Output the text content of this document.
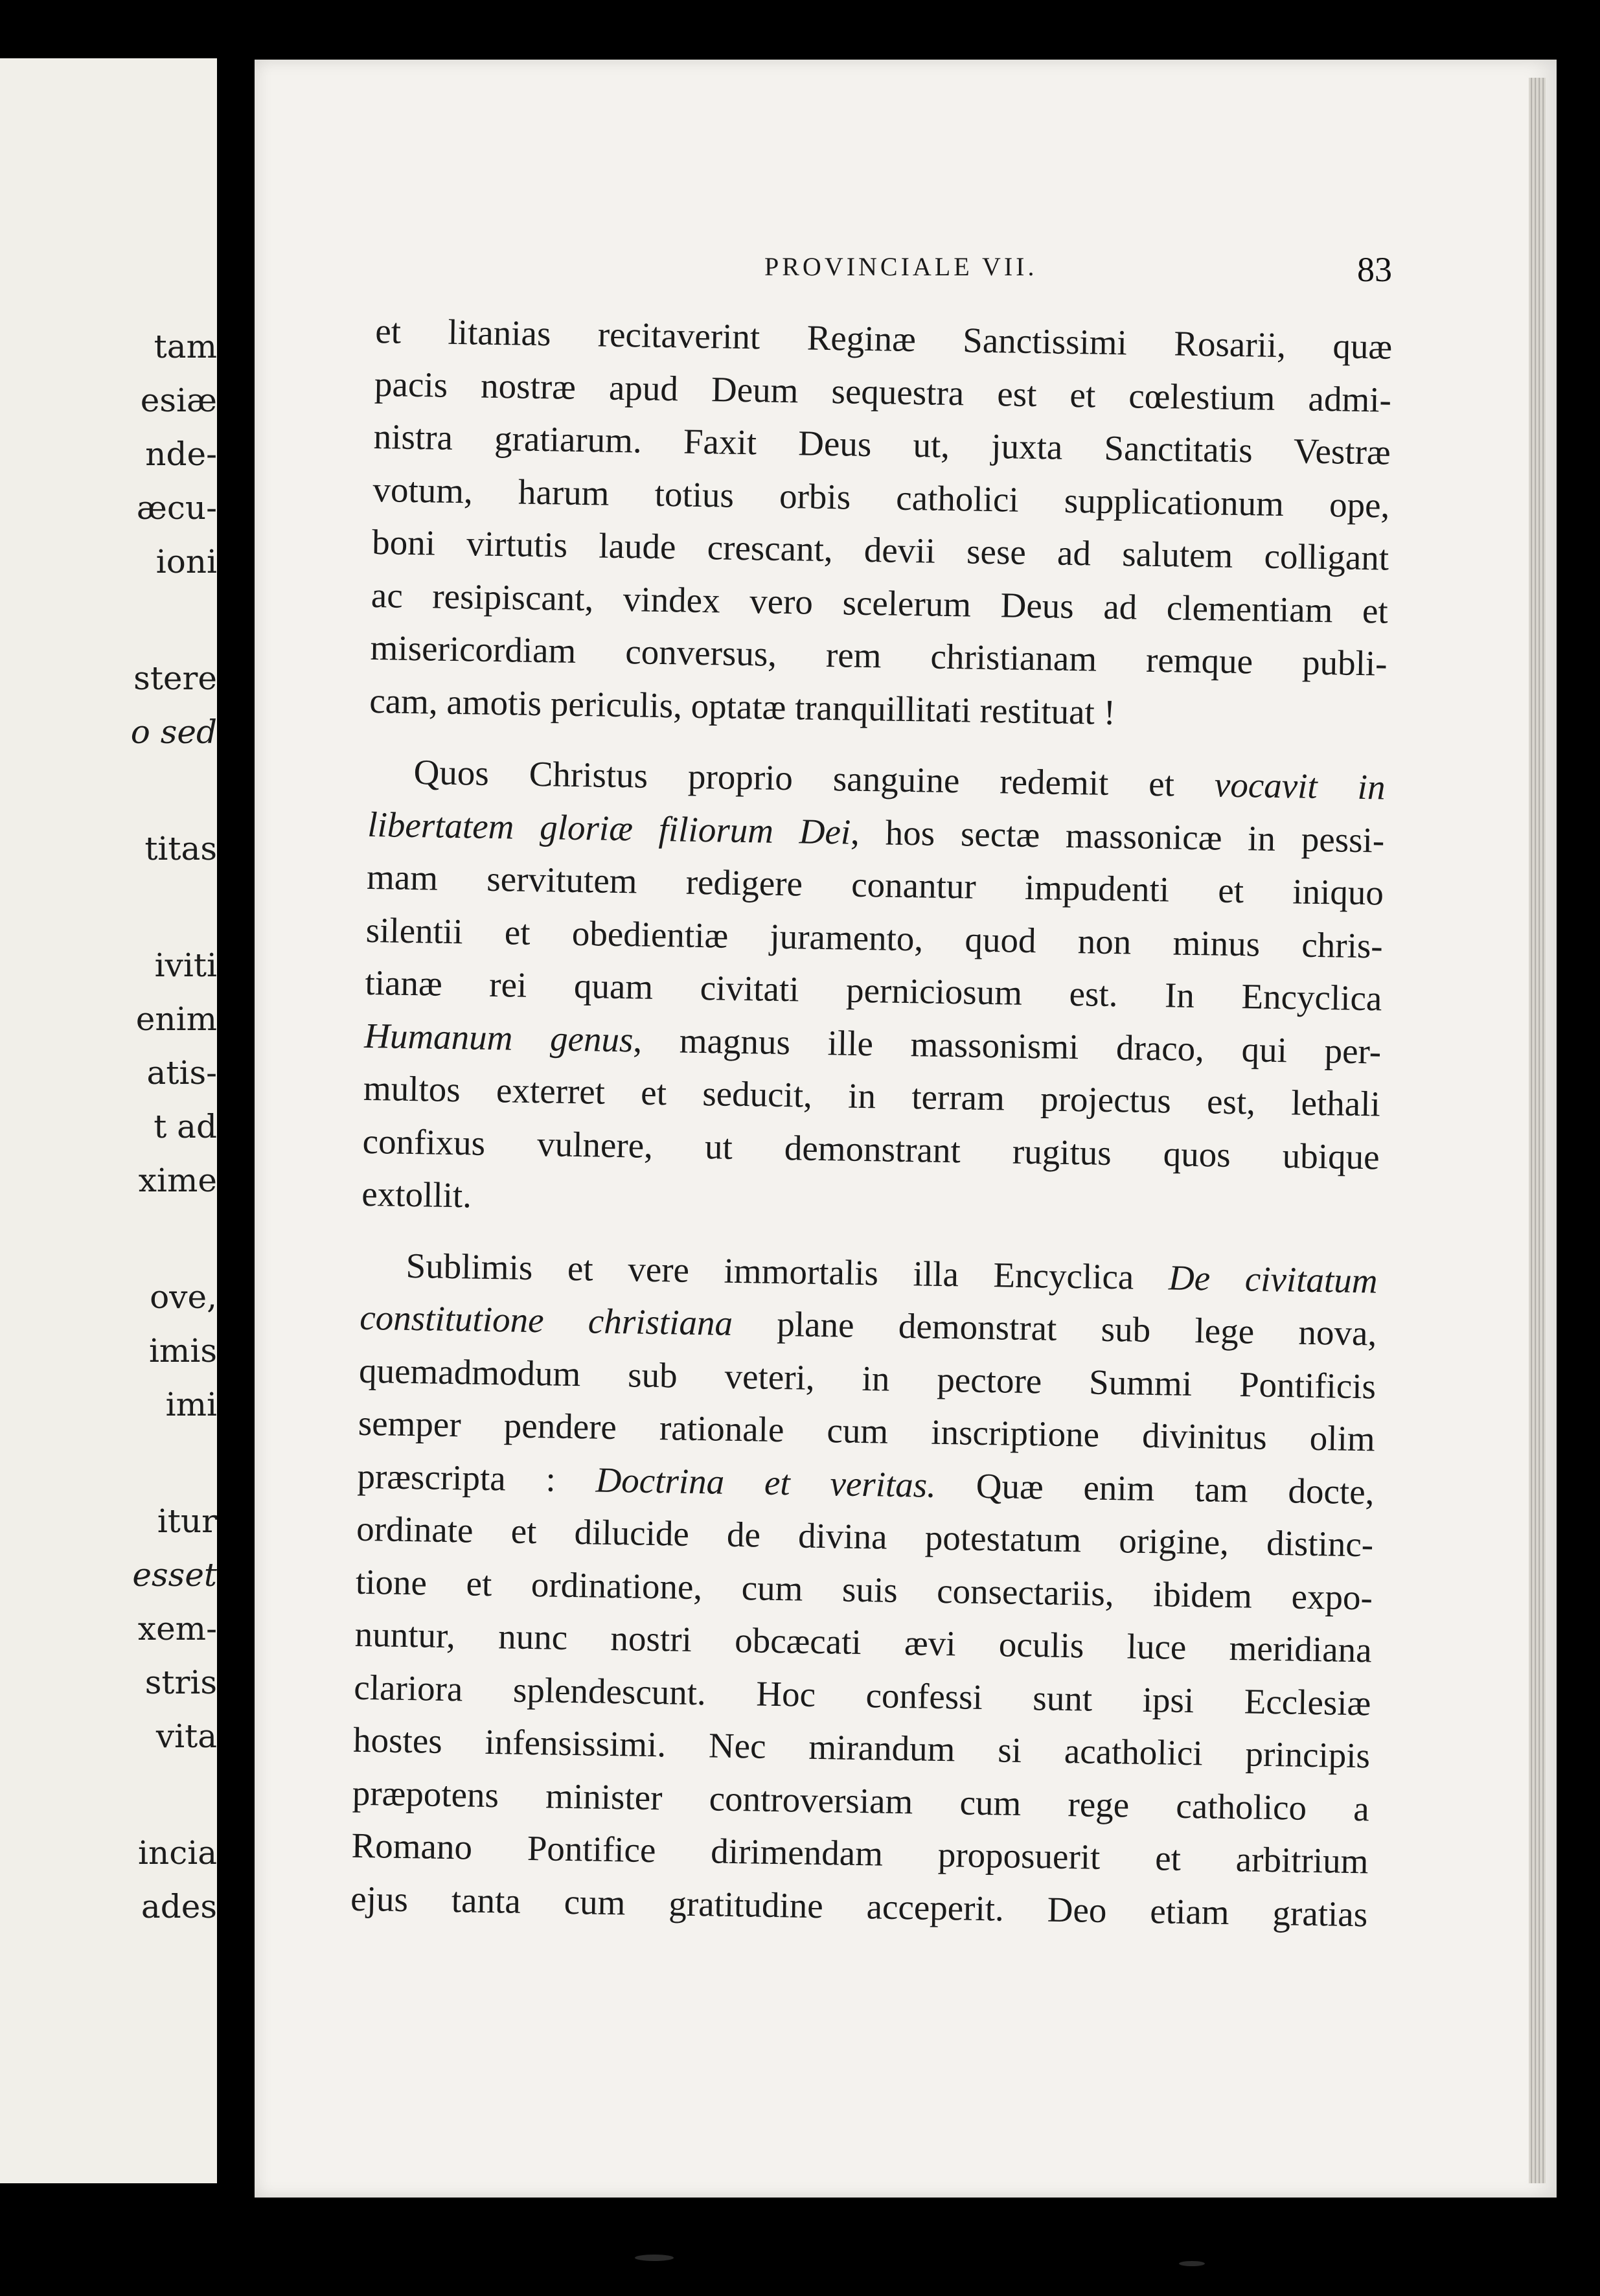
tam
esiæ
nde-
æcu-
ioni
stere
o sed
titas
iviti
enim
atis-
t ad
xime
ove,
imis
imi
itur
esset
xem-
stris
vita
incia
ades
PROVINCIALE VII.	83
et litanias recitaverint Reginæ Sanctissimi Rosarii, quæ
pacis nostræ apud Deum sequestra est et cœlestium admi-
nistra gratiarum. Faxit Deus ut, juxta Sanctitatis Vestræ
votum, harum totius orbis catholici supplicationum ope,
boni virtutis laude crescant, devii sese ad salutem colligant
ac resipiscant, vindex vero scelerum Deus ad clementiam et
misericordiam conversus, rem christianam remque publi-
cam, amotis periculis, optatæ tranquillitati restituat !
Quos Christus proprio sanguine redemit et vocavit in
libertatem gloriæ filiorum Dei, hos sectæ massonicæ in pessi-
mam servitutem redigere conantur impudenti et iniquo
silentii et obedientiæ juramento, quod non minus chris-
tianæ rei quam civitati perniciosum est. In Encyclica
Humanum genus, magnus ille massonismi draco, qui per-
multos exterret et seducit, in terram projectus est, lethali
confixus vulnere, ut demonstrant rugitus quos ubique
extollit.
Sublimis et vere immortalis illa Encyclica De civitatum
constitutione christiana plane demonstrat sub lege nova,
quemadmodum sub veteri, in pectore Summi Pontificis
semper pendere rationale cum inscriptione divinitus olim
præscripta : Doctrina et veritas. Quæ enim tam docte,
ordinate et dilucide de divina potestatum origine, distinc-
tione et ordinatione, cum suis consectariis, ibidem expo-
nuntur, nunc nostri obcæcati ævi oculis luce meridiana
clariora splendescunt. Hoc confessi sunt ipsi Ecclesiæ
hostes infensissimi. Nec mirandum si acatholici principis
præpotens minister controversiam cum rege catholico a
Romano Pontifice dirimendam proposuerit et arbitrium
ejus tanta cum gratitudine acceperit. Deo etiam gratias
